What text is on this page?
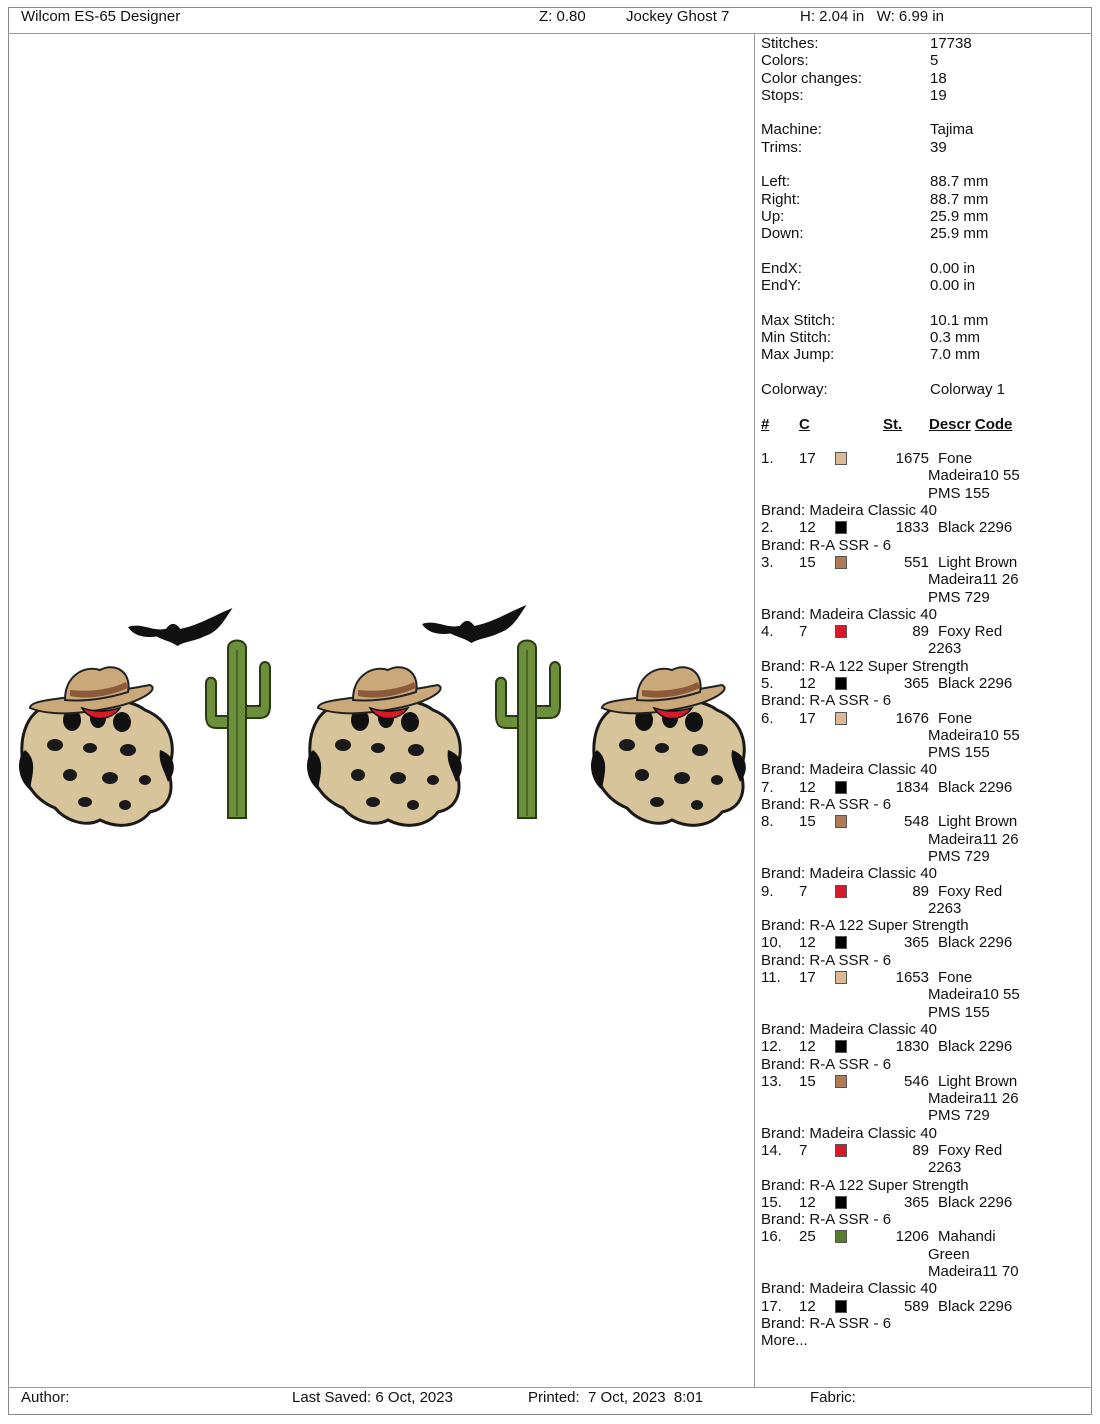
Wilcom ES-65 Designer	Z: 0.80	Jockey Ghost 7	H: 2.04 in   W: 6.99 in
Stitches:	17738
Colors:	5
Color changes:	18
Stops:	19
Machine:	Tajima
Trims:	39
Left:	88.7 mm
Right:	88.7 mm
Up:	25.9 mm
Down:	25.9 mm
EndX:	0.00 in
EndY:	0.00 in
Max Stitch:	10.1 mm
Min Stitch:	0.3 mm
Max Jump:	7.0 mm
Colorway:	Colorway 1
#	C	St.	Descr Code
1.	17	1675 Fone
Madeira10 55
PMS 155
Brand: Madeira Classic 40
2.	12	1833 Black 2296
Brand: R-A SSR - 6
3.	15	551 Light Brown
Madeira11 26
PMS 729
Brand: Madeira Classic 40
4.	7	89 Foxy Red
2263
Brand: R-A 122 Super Strength
5.	12	365 Black 2296
Brand: R-A SSR - 6
6.	17	1676 Fone
Madeira10 55
PMS 155
Brand: Madeira Classic 40
7.	12	1834 Black 2296
Brand: R-A SSR - 6
8.	15	548 Light Brown
Madeira11 26
PMS 729
Brand: Madeira Classic 40
9.	7	89 Foxy Red
2263
Brand: R-A 122 Super Strength
10.	12	365 Black 2296
Brand: R-A SSR - 6
11.	17	1653 Fone
Madeira10 55
PMS 155
Brand: Madeira Classic 40
12.	12	1830 Black 2296
Brand: R-A SSR - 6
13.	15	546 Light Brown
Madeira11 26
PMS 729
Brand: Madeira Classic 40
14.	7	89 Foxy Red
2263
Brand: R-A 122 Super Strength
15.	12	365 Black 2296
Brand: R-A SSR - 6
16.	25	1206 Mahandi
Green
Madeira11 70
Brand: Madeira Classic 40
17.	12	589 Black 2296
Brand: R-A SSR - 6
More...
Author:	Last Saved: 6 Oct, 2023	Printed:  7 Oct, 2023  8:01	Fabric:
